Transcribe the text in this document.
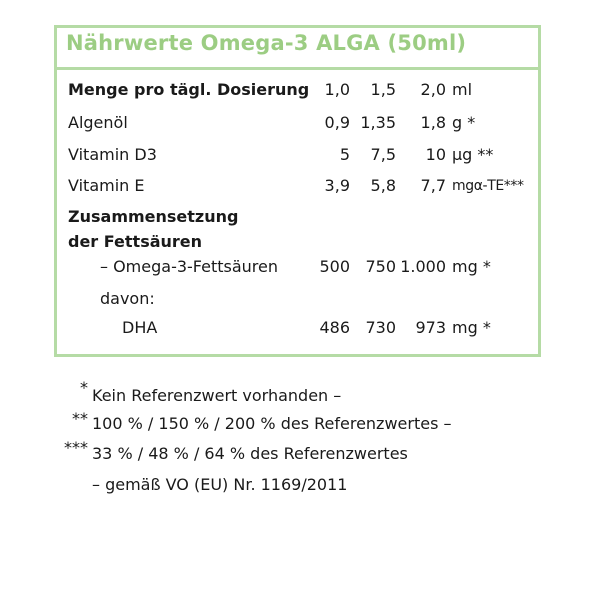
Nährwerte Omega-3 ALGA (50ml)
Menge pro tägl. Dosierung 1,0	1,5	2,0 ml
Algenöl	0,9 1,35	1,8 g *
Vitamin D3	5	7,5	10 µg **
Vitamin E	3,9	5,8	7,7 mgα-TE***
Zusammensetzung
der Fettsäuren
– Omega-3-Fettsäuren	500 750 1.000 mg *
davon:
DHA	486 730	973 mg *
* Kein Referenzwert vorhanden –
** 100 % / 150 % / 200 % des Referenzwertes –
*** 33 % / 48 % / 64 % des Referenzwertes
– gemäß VO (EU) Nr. 1169/2011
